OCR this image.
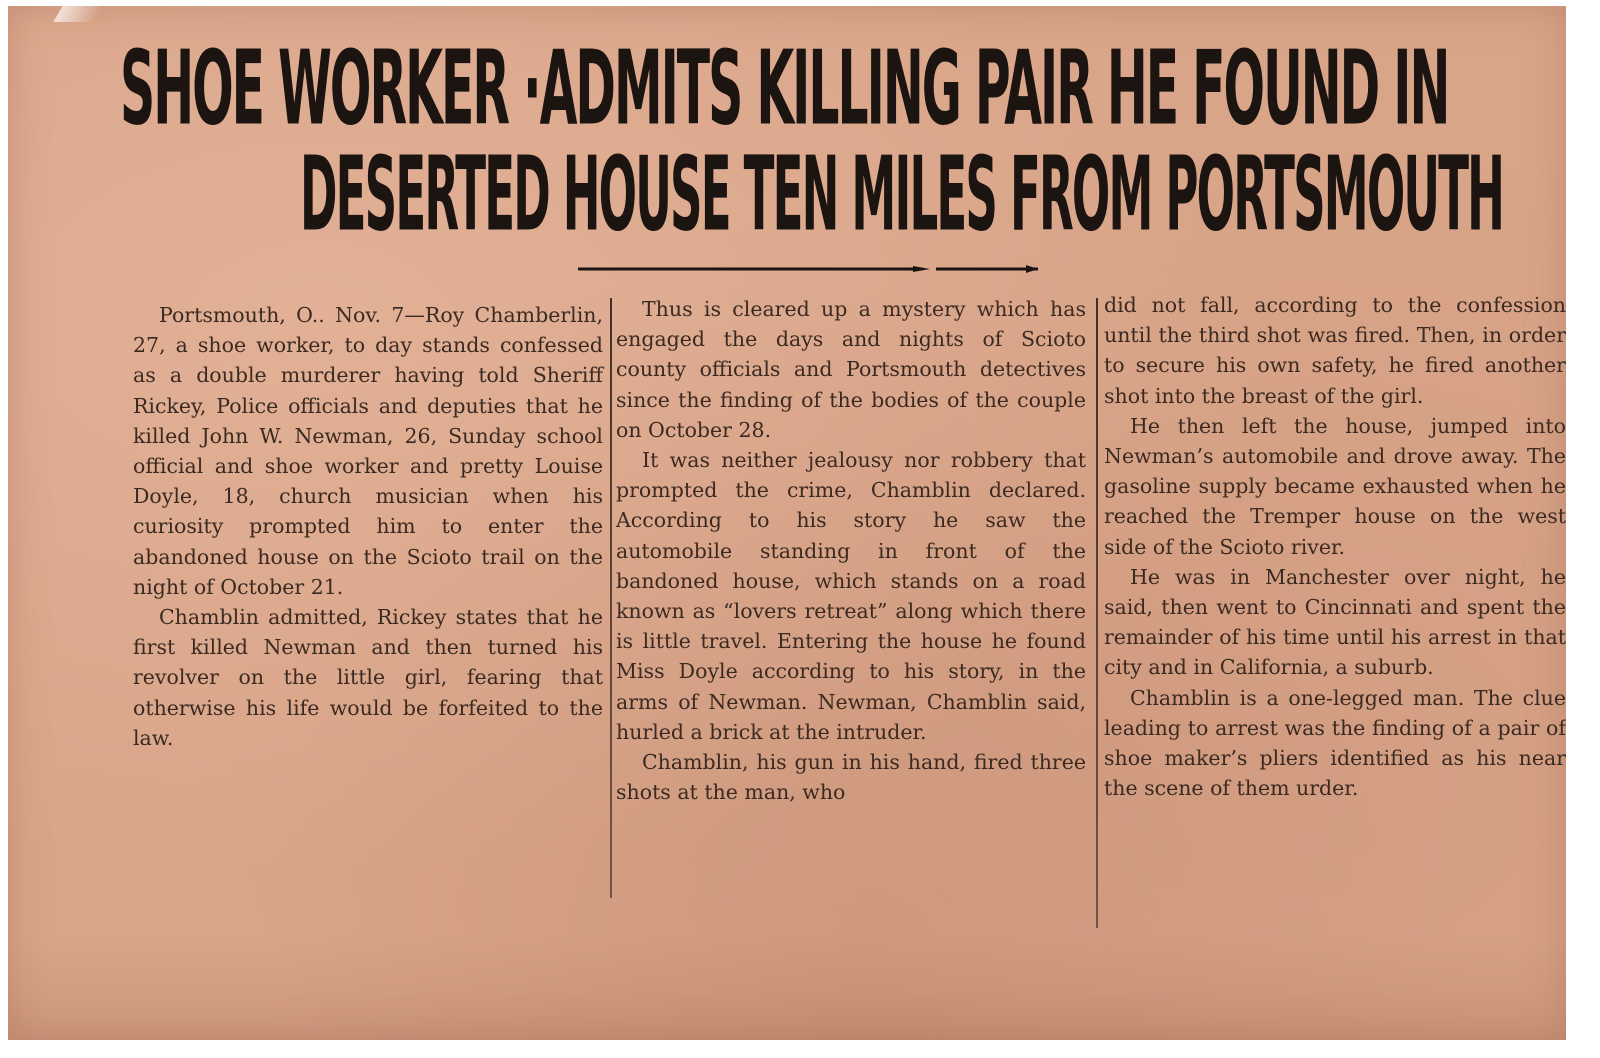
SHOE WORKER ·ADMITS KILLING PAIR HE FOUND IN
DESERTED HOUSE TEN MILES FROM PORTSMOUTH

Portsmouth, O.. Nov. 7—Roy Chamberlin, 27, a shoe worker, to day stands confessed as a double murderer having told Sheriff Rickey, Police officials and deputies that he killed John W. Newman, 26, Sunday school official and shoe worker and pretty Louise Doyle, 18, church musician when his curiosity prompted him to enter the abandoned house on the Scioto trail on the night of October 21.

Chamblin admitted, Rickey states that he first killed Newman and then turned his revolver on the little girl, fearing that otherwise his life would be forfeited to the law.

Thus is cleared up a mystery which has engaged the days and nights of Scioto county officials and Portsmouth detectives since the finding of the bodies of the couple on October 28.

It was neither jealousy nor robbery that prompted the crime, Chamblin declared. According to his story he saw the automobile standing in front of the bandoned house, which stands on a road known as “lovers retreat” along which there is little travel. Entering the house he found Miss Doyle according to his story, in the arms of Newman. Newman, Chamblin said, hurled a brick at the intruder.

Chamblin, his gun in his hand, fired three shots at the man, who

did not fall, according to the confession until the third shot was fired. Then, in order to secure his own safety, he fired another shot into the breast of the girl.

He then left the house, jumped into Newman’s automobile and drove away. The gasoline supply became exhausted when he reached the Tremper house on the west side of the Scioto river.

He was in Manchester over night, he said, then went to Cincinnati and spent the remainder of his time until his arrest in that city and in California, a suburb.

Chamblin is a one-legged man. The clue leading to arrest was the finding of a pair of shoe maker’s pliers identified as his near the scene of them urder.
